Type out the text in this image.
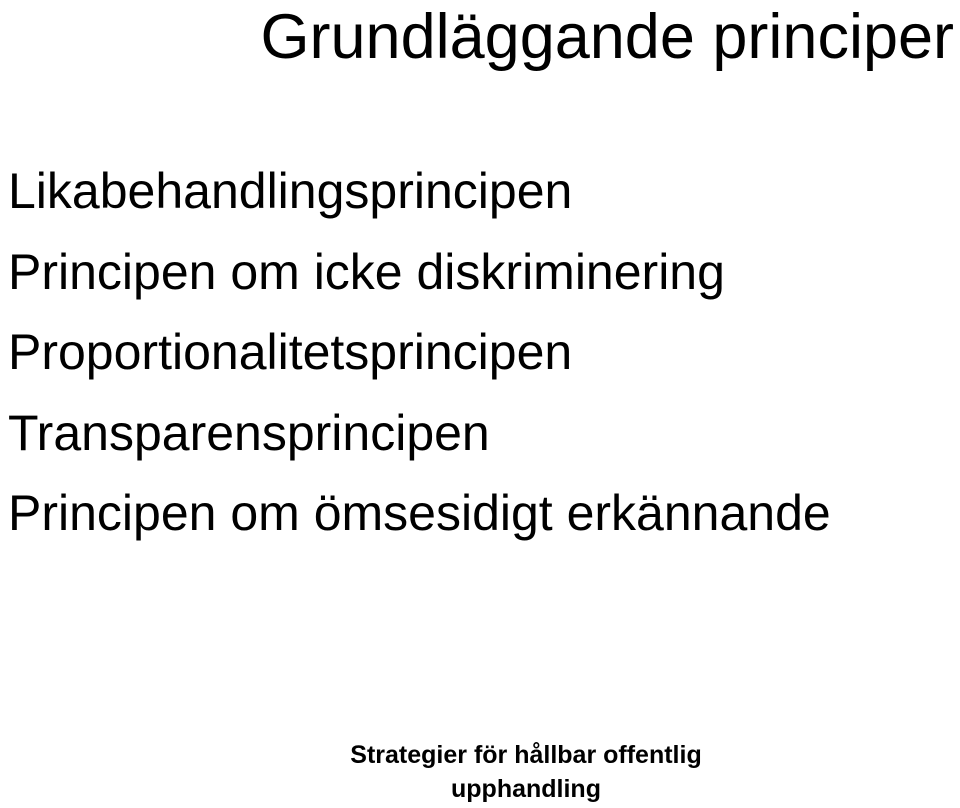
Grundläggande principer
Likabehandlingsprincipen
Principen om icke diskriminering
Proportionalitetsprincipen
Transparensprincipen
Principen om ömsesidigt erkännande
Strategier för hållbar offentlig
upphandling
